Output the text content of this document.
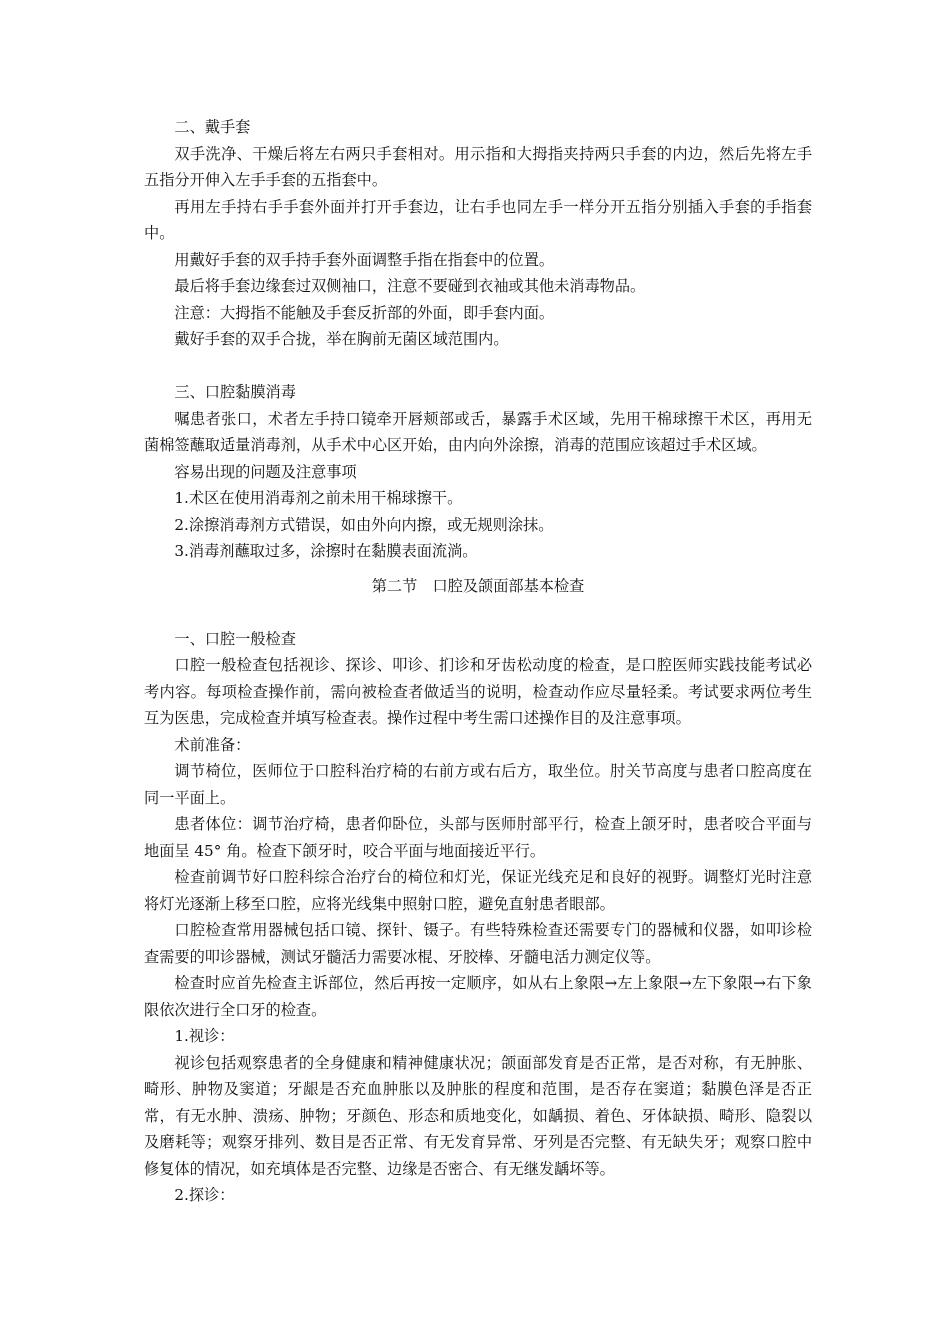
二、戴手套

双手洗净、干燥后将左右两只手套相对。用示指和大拇指夹持两只手套的内边，然后先将左手五指分开伸入左手手套的五指套中。

再用左手持右手手套外面并打开手套边，让右手也同左手一样分开五指分别插入手套的手指套中。

用戴好手套的双手持手套外面调整手指在指套中的位置。

最后将手套边缘套过双侧袖口，注意不要碰到衣袖或其他未消毒物品。

注意：大拇指不能触及手套反折部的外面，即手套内面。

戴好手套的双手合拢，举在胸前无菌区域范围内。

三、口腔黏膜消毒

嘱患者张口，术者左手持口镜牵开唇颊部或舌，暴露手术区域，先用干棉球擦干术区，再用无菌棉签蘸取适量消毒剂，从手术中心区开始，由内向外涂擦，消毒的范围应该超过手术区域。

容易出现的问题及注意事项

1.术区在使用消毒剂之前未用干棉球擦干。

2.涂擦消毒剂方式错误，如由外向内擦，或无规则涂抹。

3.消毒剂蘸取过多，涂擦时在黏膜表面流淌。

第二节　口腔及颌面部基本检查

一、口腔一般检查

口腔一般检查包括视诊、探诊、叩诊、扪诊和牙齿松动度的检查，是口腔医师实践技能考试必考内容。每项检查操作前，需向被检查者做适当的说明，检查动作应尽量轻柔。考试要求两位考生互为医患，完成检查并填写检查表。操作过程中考生需口述操作目的及注意事项。

术前准备：

调节椅位，医师位于口腔科治疗椅的右前方或右后方，取坐位。肘关节高度与患者口腔高度在同一平面上。

患者体位：调节治疗椅，患者仰卧位，头部与医师肘部平行，检查上颌牙时，患者咬合平面与地面呈 45° 角。检查下颌牙时，咬合平面与地面接近平行。

检查前调节好口腔科综合治疗台的椅位和灯光，保证光线充足和良好的视野。调整灯光时注意将灯光逐渐上移至口腔，应将光线集中照射口腔，避免直射患者眼部。

口腔检查常用器械包括口镜、探针、镊子。有些特殊检查还需要专门的器械和仪器，如叩诊检查需要的叩诊器械，测试牙髓活力需要冰棍、牙胶棒、牙髓电活力测定仪等。

检查时应首先检查主诉部位，然后再按一定顺序，如从右上象限→左上象限→左下象限→右下象限依次进行全口牙的检查。

1.视诊：

视诊包括观察患者的全身健康和精神健康状况；颌面部发育是否正常，是否对称，有无肿胀、畸形、肿物及窦道；牙龈是否充血肿胀以及肿胀的程度和范围，是否存在窦道；黏膜色泽是否正常，有无水肿、溃疡、肿物；牙颜色、形态和质地变化，如龋损、着色、牙体缺损、畸形、隐裂以及磨耗等；观察牙排列、数目是否正常、有无发育异常、牙列是否完整、有无缺失牙；观察口腔中修复体的情况，如充填体是否完整、边缘是否密合、有无继发龋坏等。

2.探诊：
